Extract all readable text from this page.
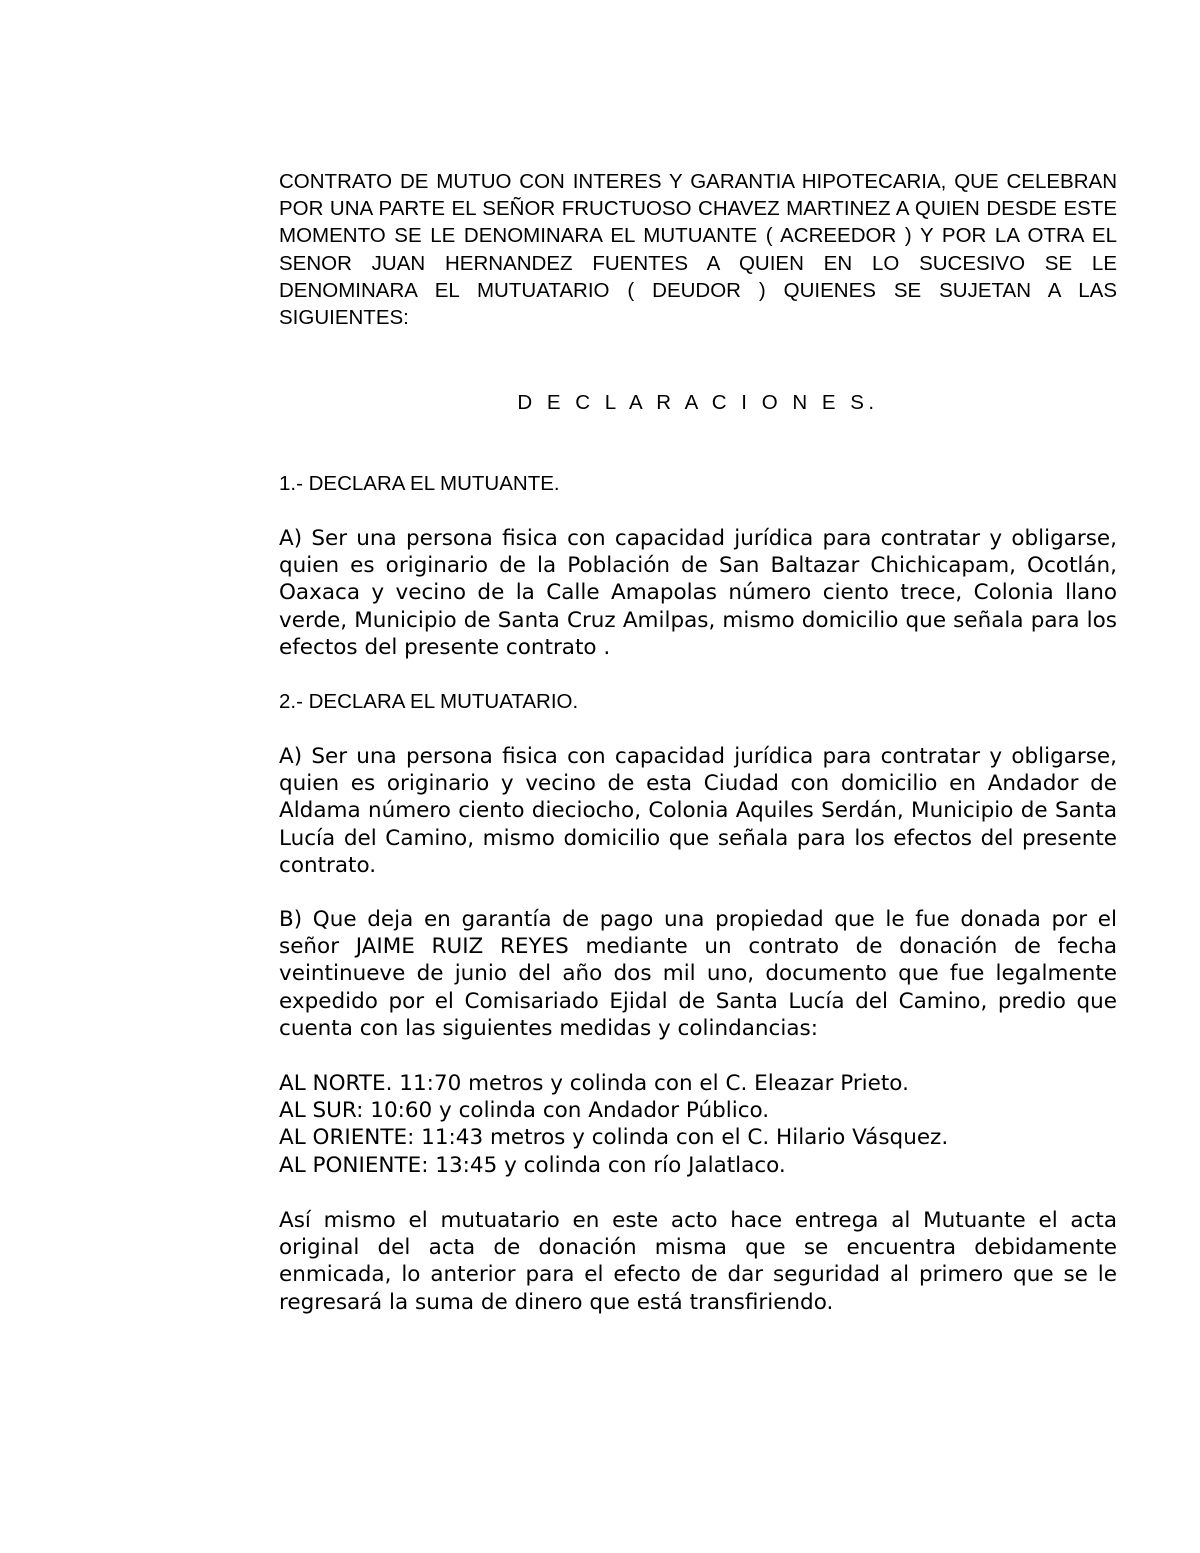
CONTRATO DE MUTUO CON INTERES Y GARANTIA HIPOTECARIA, QUE CELEBRAN POR UNA PARTE EL SEÑOR FRUCTUOSO CHAVEZ MARTINEZ A QUIEN DESDE ESTE MOMENTO SE LE DENOMINARA EL MUTUANTE ( ACREEDOR ) Y POR LA OTRA EL SENOR JUAN HERNANDEZ FUENTES A QUIEN EN LO SUCESIVO SE LE DENOMINARA EL MUTUATARIO ( DEUDOR ) QUIENES SE SUJETAN A LAS SIGUIENTES:

D E C L A R A C I O N E S.

1.- DECLARA EL MUTUANTE.

A) Ser una persona fisica con capacidad jurídica para contratar y obligarse, quien es originario de la Población de San Baltazar Chichicapam, Ocotlán, Oaxaca y vecino de la Calle Amapolas número ciento trece, Colonia llano verde, Municipio de Santa Cruz Amilpas, mismo domicilio que señala para los efectos del presente contrato .

2.- DECLARA EL MUTUATARIO.

A) Ser una persona fisica con capacidad jurídica para contratar y obligarse, quien es originario y vecino de esta Ciudad con domicilio en Andador de Aldama número ciento dieciocho, Colonia Aquiles Serdán, Municipio de Santa Lucía del Camino, mismo domicilio que señala para los efectos del presente contrato.

B) Que deja en garantía de pago una propiedad que le fue donada por el señor JAIME RUIZ REYES mediante un contrato de donación de fecha veintinueve de junio del año dos mil uno, documento que fue legalmente expedido por el Comisariado Ejidal de Santa Lucía del Camino, predio que cuenta con las siguientes medidas y colindancias:

AL NORTE. 11:70 metros y colinda con el C. Eleazar Prieto.
AL SUR: 10:60 y colinda con Andador Público.
AL ORIENTE: 11:43 metros y colinda con el C. Hilario Vásquez.
AL PONIENTE: 13:45 y colinda con río Jalatlaco.

Así mismo el mutuatario en este acto hace entrega al Mutuante el acta original del acta de donación misma que se encuentra debidamente enmicada, lo anterior para el efecto de dar seguridad al primero que se le regresará la suma de dinero que está transfiriendo.
